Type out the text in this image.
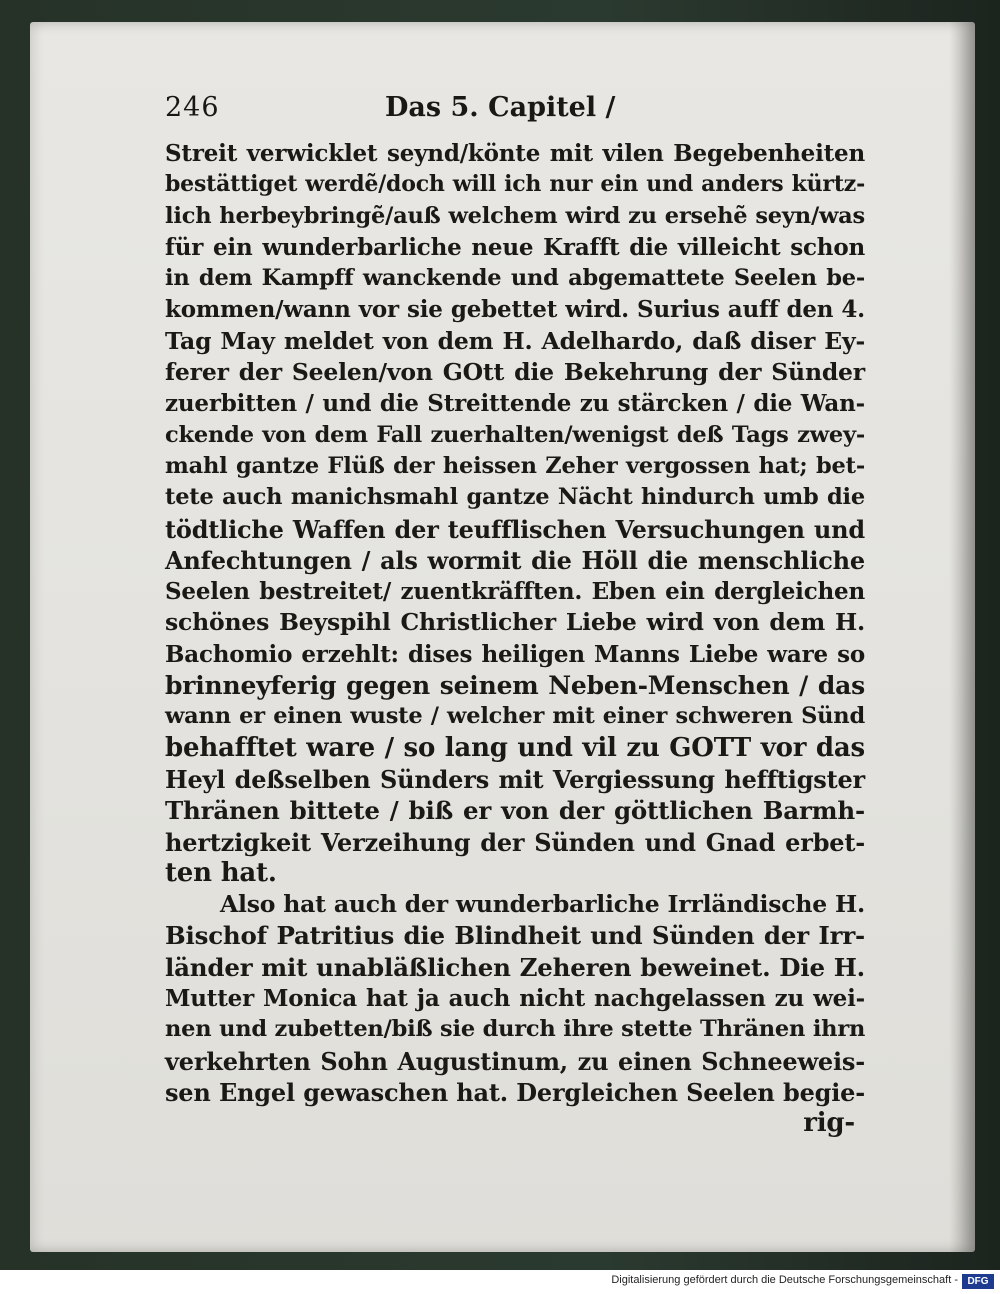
246	Das 5. Capitel /
Streit verwicklet seynd/könte mit vilen Begebenheiten
bestättiget werdẽ/doch will ich nur ein und anders kürtz-
lich herbeybringẽ/auß welchem wird zu ersehẽ seyn/was
für ein wunderbarliche neue Krafft die villeicht schon
in dem Kampff wanckende und abgemattete Seelen be-
kommen/wann vor sie gebettet wird. Surius auff den 4.
Tag May meldet von dem H. Adelhardo, daß diser Ey-
ferer der Seelen/von GOtt die Bekehrung der Sünder
zuerbitten / und die Streittende zu stärcken / die Wan-
ckende von dem Fall zuerhalten/wenigst deß Tags zwey-
mahl gantze Flüß der heissen Zeher vergossen hat; bet-
tete auch manichsmahl gantze Nächt hindurch umb die
tödtliche Waffen der teufflischen Versuchungen und
Anfechtungen / als wormit die Höll die menschliche
Seelen bestreitet/ zuentkräfften. Eben ein dergleichen
schönes Beyspihl Christlicher Liebe wird von dem H.
Bachomio erzehlt: dises heiligen Manns Liebe ware so
brinneyferig gegen seinem Neben-Menschen / das
wann er einen wuste / welcher mit einer schweren Sünd
behafftet ware / so lang und vil zu GOTT vor das
Heyl deßselben Sünders mit Vergiessung hefftigster
Thränen bittete / biß er von der göttlichen Barmh-
hertzigkeit Verzeihung der Sünden und Gnad erbet-
ten hat.
Also hat auch der wunderbarliche Irrländische H.
Bischof Patritius die Blindheit und Sünden der Irr-
länder mit unabläßlichen Zeheren beweinet. Die H.
Mutter Monica hat ja auch nicht nachgelassen zu wei-
nen und zubetten/biß sie durch ihre stette Thränen ihrn
verkehrten Sohn Augustinum, zu einen Schneeweis-
sen Engel gewaschen hat. Dergleichen Seelen begie-
rig-
Digitalisierung gefördert durch die Deutsche Forschungsgemeinschaft - DFG
